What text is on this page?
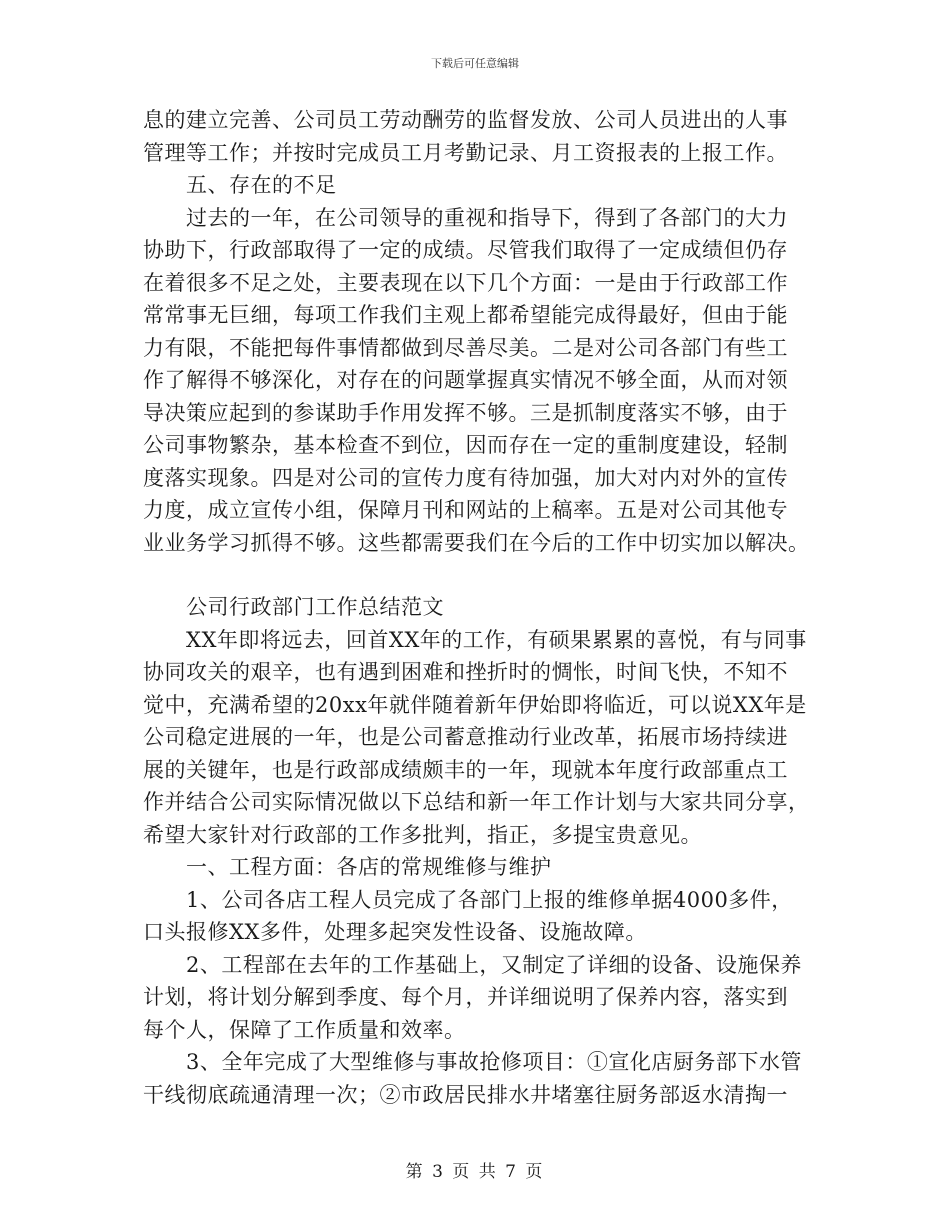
下载后可任意编辑
息的建立完善、公司员工劳动酬劳的监督发放、公司人员进出的人事
管理等工作；并按时完成员工月考勤记录、月工资报表的上报工作。
五、存在的不足
过去的一年，在公司领导的重视和指导下，得到了各部门的大力
协助下，行政部取得了一定的成绩。尽管我们取得了一定成绩但仍存
在着很多不足之处，主要表现在以下几个方面：一是由于行政部工作
常常事无巨细，每项工作我们主观上都希望能完成得最好，但由于能
力有限，不能把每件事情都做到尽善尽美。二是对公司各部门有些工
作了解得不够深化，对存在的问题掌握真实情况不够全面，从而对领
导决策应起到的参谋助手作用发挥不够。三是抓制度落实不够，由于
公司事物繁杂，基本检查不到位，因而存在一定的重制度建设，轻制
度落实现象。四是对公司的宣传力度有待加强，加大对内对外的宣传
力度，成立宣传小组，保障月刊和网站的上稿率。五是对公司其他专
业业务学习抓得不够。这些都需要我们在今后的工作中切实加以解决。
公司行政部门工作总结范文
XX年即将远去，回首XX年的工作，有硕果累累的喜悦，有与同事
协同攻关的艰辛，也有遇到困难和挫折时的惆怅，时间飞快，不知不
觉中，充满希望的20xx年就伴随着新年伊始即将临近，可以说XX年是
公司稳定进展的一年，也是公司蓄意推动行业改革，拓展市场持续进
展的关键年，也是行政部成绩颇丰的一年，现就本年度行政部重点工
作并结合公司实际情况做以下总结和新一年工作计划与大家共同分享，
希望大家针对行政部的工作多批判，指正，多提宝贵意见。
一、工程方面：各店的常规维修与维护
1、公司各店工程人员完成了各部门上报的维修单据4000多件，
口头报修XX多件，处理多起突发性设备、设施故障。
2、工程部在去年的工作基础上，又制定了详细的设备、设施保养
计划，将计划分解到季度、每个月，并详细说明了保养内容，落实到
每个人，保障了工作质量和效率。
3、全年完成了大型维修与事故抢修项目：①宣化店厨务部下水管
干线彻底疏通清理一次；②市政居民排水井堵塞往厨务部返水清掏一
第 3 页 共 7 页
